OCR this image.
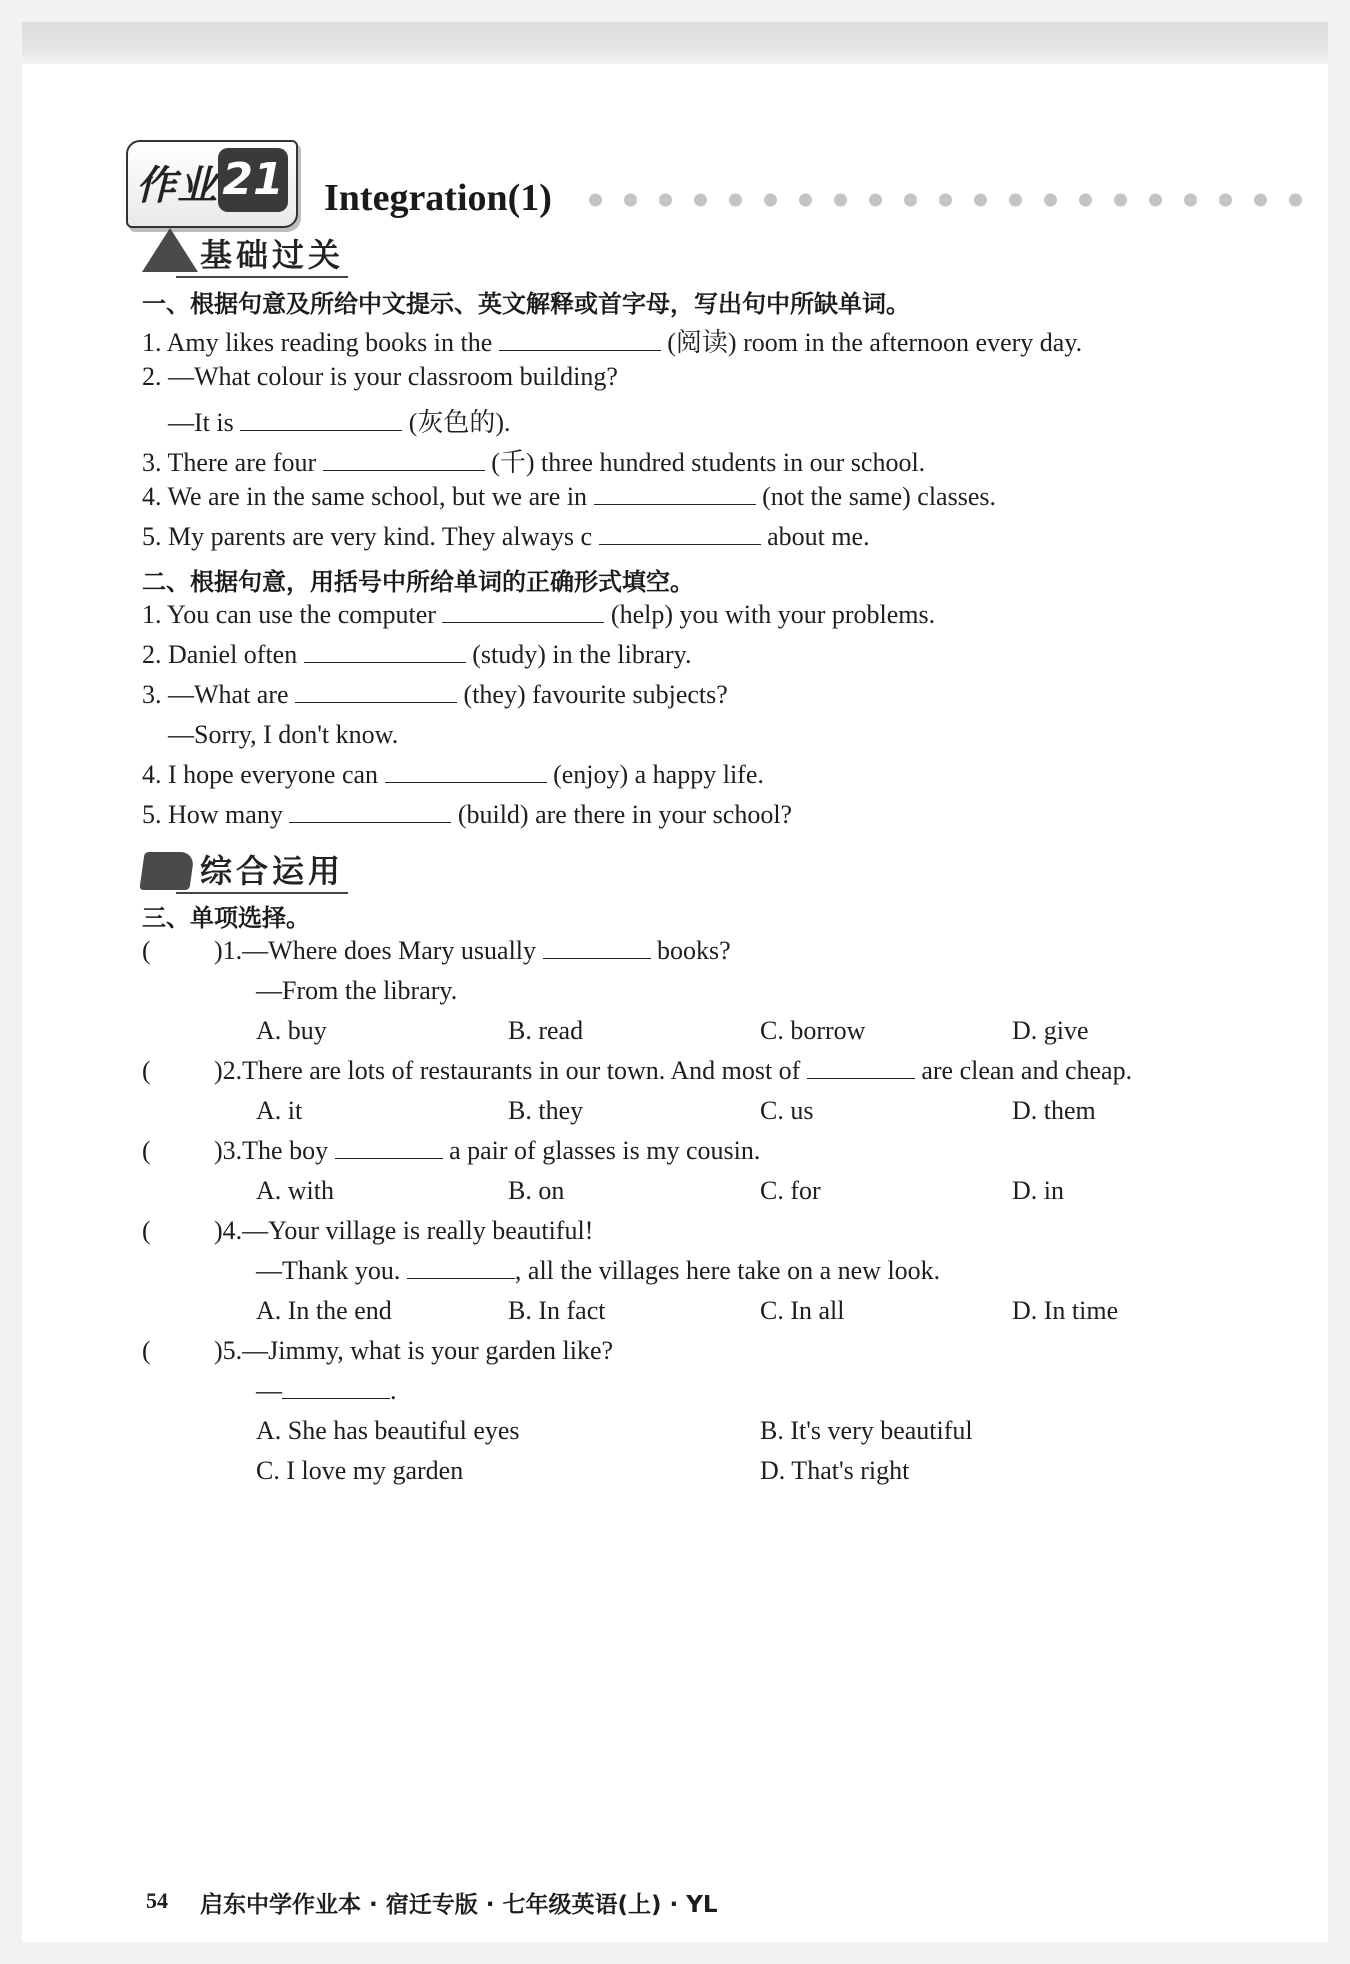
作业 21 Integration(1)
基础过关
一、根据句意及所给中文提示、英文解释或首字母，写出句中所缺单词。
1. Amy likes reading books in the	(阅读) room in the afternoon every day.
2. —What colour is your classroom building?
—It is	(灰色的).
3. There are four	(千) three hundred students in our school.
4. We are in the same school, but we are in	(not the same) classes.
5. My parents are very kind. They always c	about me.
二、根据句意，用括号中所给单词的正确形式填空。
1. You can use the computer	(help) you with your problems.
2. Daniel often	(study) in the library.
3. —What are	(they) favourite subjects?
—Sorry, I don't know.
4. I hope everyone can	(enjoy) a happy life.
5. How many	(build) are there in your school?
综合运用
三、单项选择。
( )1.—Where does Mary usually	books?
—From the library.
A. buy	B. read	C. borrow	D. give
( )2.There are lots of restaurants in our town. And most of	are clean and cheap.
A. it	B. they	C. us	D. them
( )3.The boy	a pair of glasses is my cousin.
A. with	B. on	C. for	D. in
( )4.—Your village is really beautiful!
—Thank you.	, all the villages here take on a new look.
A. In the end	B. In fact	C. In all	D. In time
( )5.—Jimmy, what is your garden like?
—	.
A. She has beautiful eyes	B. It's very beautiful
C. I love my garden	D. That's right
54 启东中学作业本 · 宿迁专版 · 七年级英语(上) · YL
